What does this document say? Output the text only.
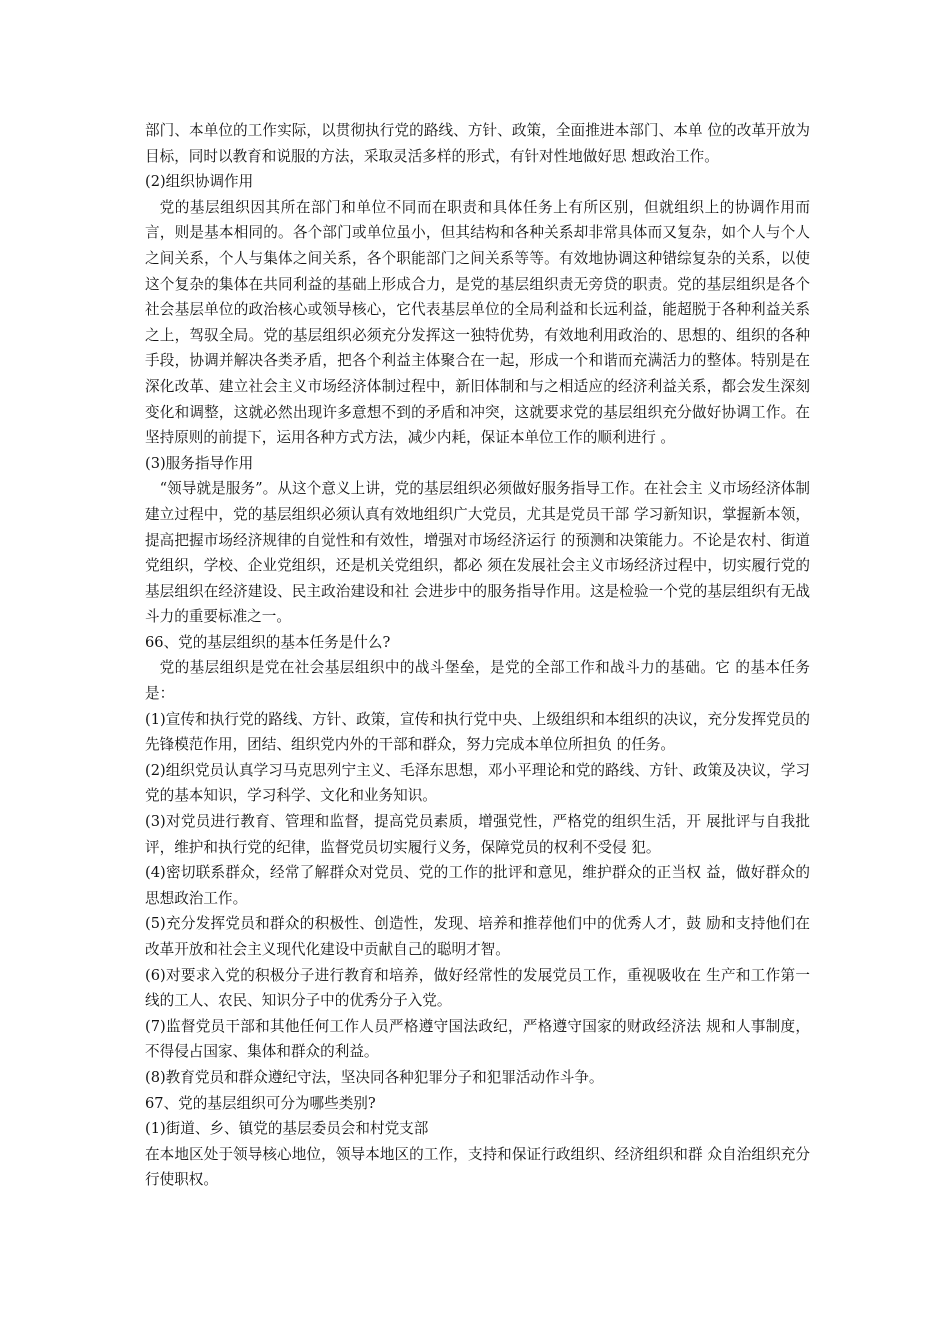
部门、本单位的工作实际，以贯彻执行党的路线、方针、政策，全面推进本部门、本单 位的改革开放为目标，同时以教育和说服的方法，采取灵活多样的形式，有针对性地做好思 想政治工作。

(2)组织协调作用

党的基层组织因其所在部门和单位不同而在职责和具体任务上有所区别，但就组织上的协调作用而言，则是基本相同的。各个部门或单位虽小，但其结构和各种关系却非常具体而又复杂，如个人与个人之间关系，个人与集体之间关系，各个职能部门之间关系等等。有效地协调这种错综复杂的关系，以使这个复杂的集体在共同利益的基础上形成合力，是党的基层组织责无旁贷的职责。党的基层组织是各个社会基层单位的政治核心或领导核心，它代表基层单位的全局利益和长远利益，能超脱于各种利益关系之上，驾驭全局。党的基层组织必须充分发挥这一独特优势，有效地利用政治的、思想的、组织的各种手段，协调并解决各类矛盾，把各个利益主体聚合在一起，形成一个和谐而充满活力的整体。特别是在深化改革、建立社会主义市场经济体制过程中，新旧体制和与之相适应的经济利益关系，都会发生深刻变化和调整，这就必然出现许多意想不到的矛盾和冲突，这就要求党的基层组织充分做好协调工作。在坚持原则的前提下，运用各种方式方法，减少内耗，保证本单位工作的顺利进行 。

(3)服务指导作用

“领导就是服务”。从这个意义上讲，党的基层组织必须做好服务指导工作。在社会主 义市场经济体制建立过程中，党的基层组织必须认真有效地组织广大党员，尤其是党员干部 学习新知识，掌握新本领，提高把握市场经济规律的自觉性和有效性，增强对市场经济运行 的预测和决策能力。不论是农村、街道党组织，学校、企业党组织，还是机关党组织，都必 须在发展社会主义市场经济过程中，切实履行党的基层组织在经济建设、民主政治建设和社 会进步中的服务指导作用。这是检验一个党的基层组织有无战斗力的重要标准之一。

66、党的基层组织的基本任务是什么?

党的基层组织是党在社会基层组织中的战斗堡垒，是党的全部工作和战斗力的基础。它 的基本任务是：

(1)宣传和执行党的路线、方针、政策，宣传和执行党中央、上级组织和本组织的决议，充分发挥党员的先锋模范作用，团结、组织党内外的干部和群众，努力完成本单位所担负 的任务。

(2)组织党员认真学习马克思列宁主义、毛泽东思想，邓小平理论和党的路线、方针、政策及决议，学习党的基本知识，学习科学、文化和业务知识。

(3)对党员进行教育、管理和监督，提高党员素质，增强党性，严格党的组织生活，开 展批评与自我批评，维护和执行党的纪律，监督党员切实履行义务，保障党员的权利不受侵 犯。

(4)密切联系群众，经常了解群众对党员、党的工作的批评和意见，维护群众的正当权 益，做好群众的思想政治工作。

(5)充分发挥党员和群众的积极性、创造性，发现、培养和推荐他们中的优秀人才，鼓 励和支持他们在改革开放和社会主义现代化建设中贡献自己的聪明才智。

(6)对要求入党的积极分子进行教育和培养，做好经常性的发展党员工作，重视吸收在 生产和工作第一线的工人、农民、知识分子中的优秀分子入党。

(7)监督党员干部和其他任何工作人员严格遵守国法政纪，严格遵守国家的财政经济法 规和人事制度，不得侵占国家、集体和群众的利益。

(8)教育党员和群众遵纪守法，坚决同各种犯罪分子和犯罪活动作斗争。

67、党的基层组织可分为哪些类别?

(1)街道、乡、镇党的基层委员会和村党支部

在本地区处于领导核心地位，领导本地区的工作，支持和保证行政组织、经济组织和群 众自治组织充分行使职权。
